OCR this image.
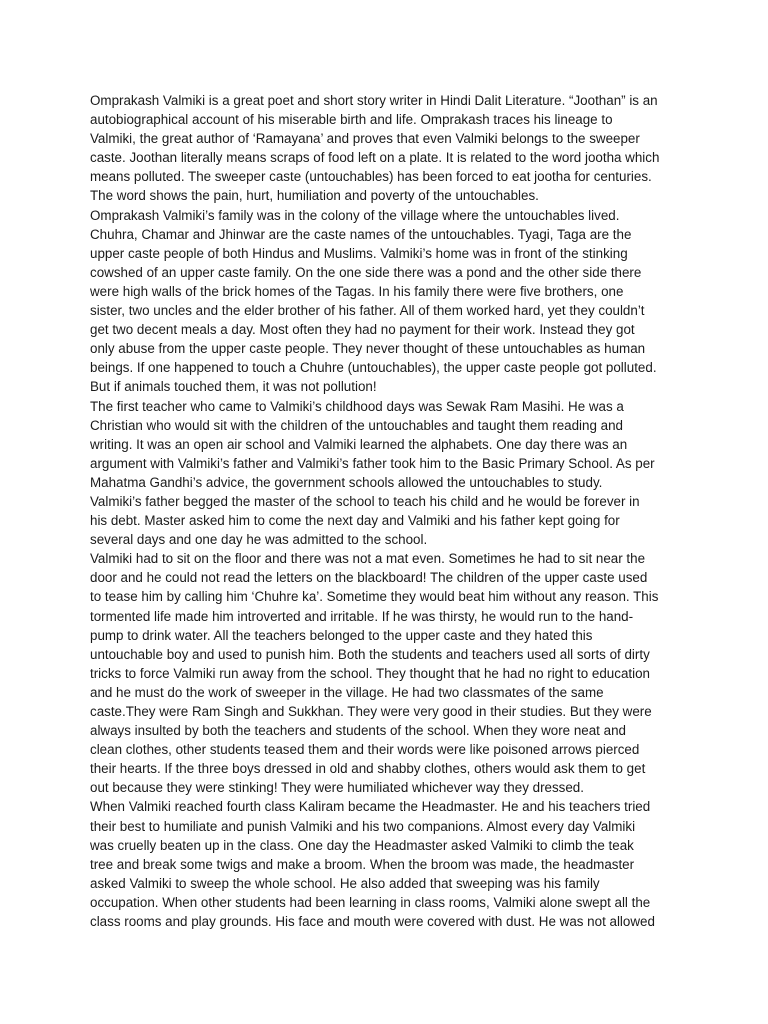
Omprakash Valmiki is a great poet and short story writer in Hindi Dalit Literature. “Joothan” is an
autobiographical account of his miserable birth and life. Omprakash traces his lineage to
Valmiki, the great author of ‘Ramayana’ and proves that even Valmiki belongs to the sweeper
caste. Joothan literally means scraps of food left on a plate. It is related to the word jootha which
means polluted. The sweeper caste (untouchables) has been forced to eat jootha for centuries.
The word shows the pain, hurt, humiliation and poverty of the untouchables.

Omprakash Valmiki’s family was in the colony of the village where the untouchables lived.
Chuhra, Chamar and Jhinwar are the caste names of the untouchables. Tyagi, Taga are the
upper caste people of both Hindus and Muslims. Valmiki’s home was in front of the stinking
cowshed of an upper caste family. On the one side there was a pond and the other side there
were high walls of the brick homes of the Tagas. In his family there were five brothers, one
sister, two uncles and the elder brother of his father. All of them worked hard, yet they couldn’t
get two decent meals a day. Most often they had no payment for their work. Instead they got
only abuse from the upper caste people. They never thought of these untouchables as human
beings. If one happened to touch a Chuhre (untouchables), the upper caste people got polluted.
But if animals touched them, it was not pollution!

The first teacher who came to Valmiki’s childhood days was Sewak Ram Masihi. He was a
Christian who would sit with the children of the untouchables and taught them reading and
writing. It was an open air school and Valmiki learned the alphabets. One day there was an
argument with Valmiki’s father and Valmiki’s father took him to the Basic Primary School. As per
Mahatma Gandhi’s advice, the government schools allowed the untouchables to study.
Valmiki’s father begged the master of the school to teach his child and he would be forever in
his debt. Master asked him to come the next day and Valmiki and his father kept going for
several days and one day he was admitted to the school.

Valmiki had to sit on the floor and there was not a mat even. Sometimes he had to sit near the
door and he could not read the letters on the blackboard! The children of the upper caste used
to tease him by calling him ‘Chuhre ka’. Sometime they would beat him without any reason. This
tormented life made him introverted and irritable. If he was thirsty, he would run to the hand-
pump to drink water. All the teachers belonged to the upper caste and they hated this
untouchable boy and used to punish him. Both the students and teachers used all sorts of dirty
tricks to force Valmiki run away from the school. They thought that he had no right to education
and he must do the work of sweeper in the village. He had two classmates of the same
caste.They were Ram Singh and Sukkhan. They were very good in their studies. But they were
always insulted by both the teachers and students of the school. When they wore neat and
clean clothes, other students teased them and their words were like poisoned arrows pierced
their hearts. If the three boys dressed in old and shabby clothes, others would ask them to get
out because they were stinking! They were humiliated whichever way they dressed.

When Valmiki reached fourth class Kaliram became the Headmaster. He and his teachers tried
their best to humiliate and punish Valmiki and his two companions. Almost every day Valmiki
was cruelly beaten up in the class. One day the Headmaster asked Valmiki to climb the teak
tree and break some twigs and make a broom. When the broom was made, the headmaster
asked Valmiki to sweep the whole school. He also added that sweeping was his family
occupation. When other students had been learning in class rooms, Valmiki alone swept all the
class rooms and play grounds. His face and mouth were covered with dust. He was not allowed
